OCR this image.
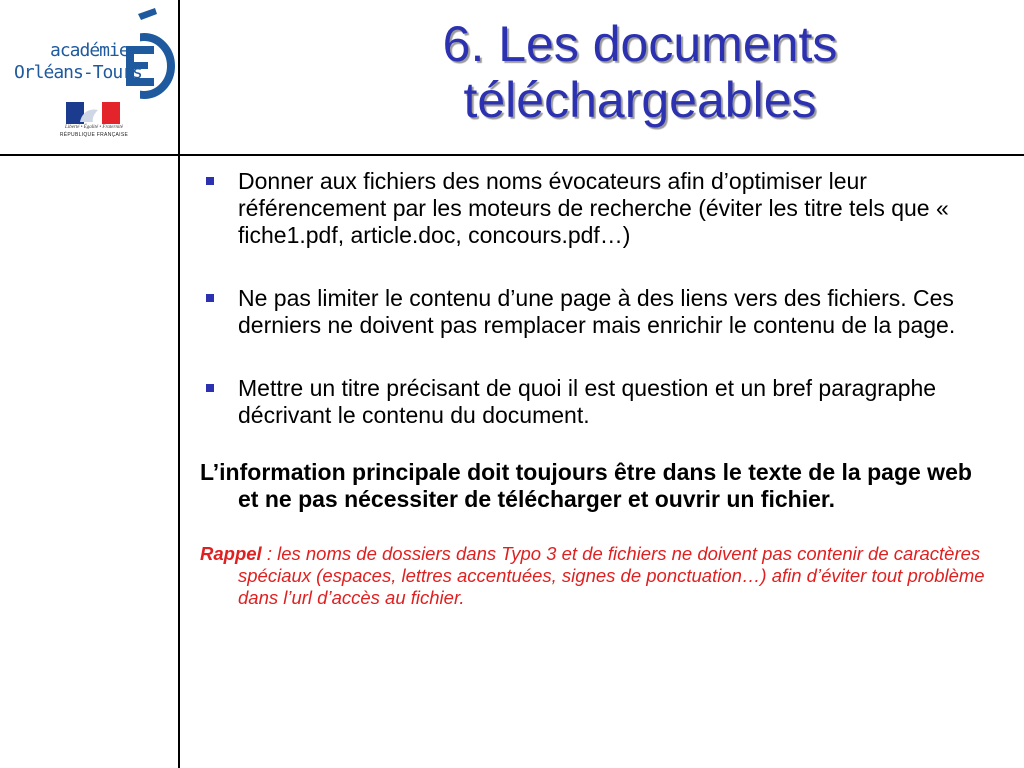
académie
Orléans-Tours
Liberté • Égalité • Fraternité
RÉPUBLIQUE FRANÇAISE
6. Les documents
téléchargeables
Donner aux fichiers des noms évocateurs afin d’optimiser leur référencement par les moteurs de recherche (éviter les titre tels que « fiche1.pdf, article.doc, concours.pdf…)
Ne pas limiter le contenu d’une page à des liens vers des fichiers. Ces derniers ne doivent pas remplacer mais enrichir le contenu de la page.
Mettre un titre précisant de quoi il est question et un bref paragraphe décrivant le contenu du document.
L’information principale doit toujours être dans le texte de la page web et ne pas nécessiter de télécharger et ouvrir un fichier.
Rappel : les noms de dossiers dans Typo 3 et de fichiers ne doivent pas contenir de caractères spéciaux (espaces, lettres accentuées, signes de ponctuation…) afin d’éviter tout problème dans l’url d’accès au fichier.
